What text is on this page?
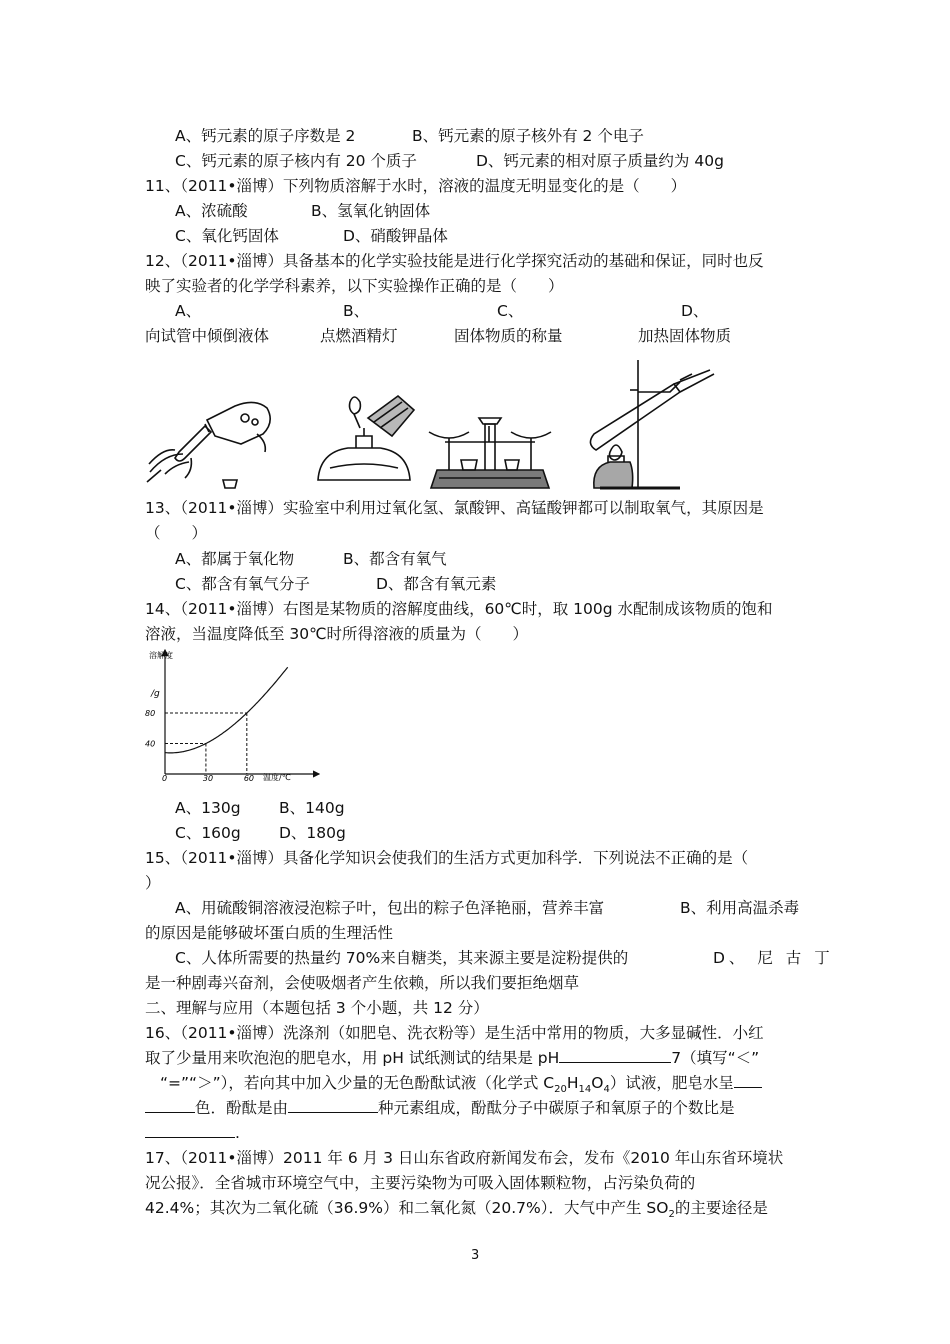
A、钙元素的原子序数是 2	B、钙元素的原子核外有 2 个电子
C、钙元素的原子核内有 20 个质子	D、钙元素的相对原子质量约为 40g
11、（2011•淄博）下列物质溶解于水时，溶液的温度无明显变化的是（　　）
A、浓硫酸	B、氢氧化钠固体
C、氧化钙固体	D、硝酸钾晶体
12、（2011•淄博）具备基本的化学实验技能是进行化学探究活动的基础和保证，同时也反
映了实验者的化学学科素养，以下实验操作正确的是（　　）
A、	B、	C、	D、
向试管中倾倒液体	点燃酒精灯	固体物质的称量	加热固体物质
13、（2011•淄博）实验室中利用过氧化氢、氯酸钾、高锰酸钾都可以制取氧气，其原因是
（　　）
A、都属于氧化物	B、都含有氧气
C、都含有氧气分子	D、都含有氧元素
14、（2011•淄博）右图是某物质的溶解度曲线，60℃时，取 100g 水配制成该物质的饱和
溶液，当温度降低至 30℃时所得溶液的质量为（　　）
溶解度
/g
温度/℃
0	30	60
40
80
A、130g B、140g
C、160g D、180g
15、（2011•淄博）具备化学知识会使我们的生活方式更加科学．下列说法不正确的是（
）
A、用硫酸铜溶液浸泡粽子叶，包出的粽子色泽艳丽，营养丰富	B、利用高温杀毒
的原因是能够破坏蛋白质的生理活性
C、人体所需要的热量约 70%来自糖类，其来源主要是淀粉提供的	D、 尼 古 丁
是一种剧毒兴奋剂，会使吸烟者产生依赖，所以我们要拒绝烟草
二、理解与应用（本题包括 3 个小题，共 12 分）
16、（2011•淄博）洗涤剂（如肥皂、洗衣粉等）是生活中常用的物质，大多显碱性．小红
取了少量用来吹泡泡的肥皂水，用 pH 试纸测试的结果是 pH	7（填写“＜”
“=”“＞”），若向其中加入少量的无色酚酞试液（化学式 $C_{20}H_{14}O_4$）试液，肥皂水呈
色．酚酞是由	种元素组成，酚酞分子中碳原子和氧原子的个数比是
.
17、（2011•淄博）2011 年 6 月 3 日山东省政府新闻发布会，发布《2010 年山东省环境状
况公报》．全省城市环境空气中，主要污染物为可吸入固体颗粒物，占污染负荷的
42.4%；其次为二氧化硫（36.9%）和二氧化氮（20.7%）．大气中产生 $SO_2$的主要途径是
3
